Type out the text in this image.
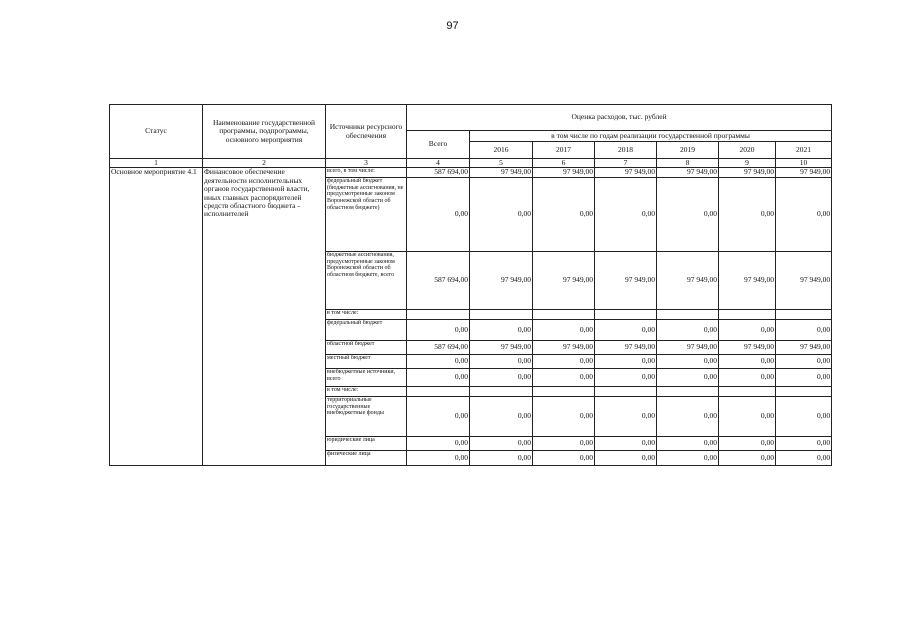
97
Статус	Наименование государственной программы, подпрограммы, основного мероприятия	Источники ресурсного обеспечения	Оценка расходов, тыс. рублей						
			Всего	в том числе по годам реализации государственной программы					
				2016	2017	2018	2019	2020	2021
1	2	3	4	5	6	7	8	9	10
Основное мероприятие 4.1	Финансовое обеспечение деятельности исполнительных органов государственной власти, иных главных распорядителей средств областного бюджета - исполнителей	всего, в том числе:	587 694,00	97 949,00	97 949,00	97 949,00	97 949,00	97 949,00	97 949,00
		федеральный бюджет (бюджетные ассигнования, не предусмотренные законом Воронежской области об областном бюджете)	0,00	0,00	0,00	0,00	0,00	0,00	0,00
		бюджетные ассигнования, предусмотренные законом Воронежской области об областном бюджете, всего	587 694,00	97 949,00	97 949,00	97 949,00	97 949,00	97 949,00	97 949,00
		в том числе:							
		федеральный бюджет	0,00	0,00	0,00	0,00	0,00	0,00	0,00
		областной бюджет	587 694,00	97 949,00	97 949,00	97 949,00	97 949,00	97 949,00	97 949,00
		местный бюджет	0,00	0,00	0,00	0,00	0,00	0,00	0,00
		внебюджетные источники, всего	0,00	0,00	0,00	0,00	0,00	0,00	0,00
		в том числе:							
		территориальные государственные внебюджетные фонды	0,00	0,00	0,00	0,00	0,00	0,00	0,00
		юридические лица	0,00	0,00	0,00	0,00	0,00	0,00	0,00
		физические лица	0,00	0,00	0,00	0,00	0,00	0,00	0,00
